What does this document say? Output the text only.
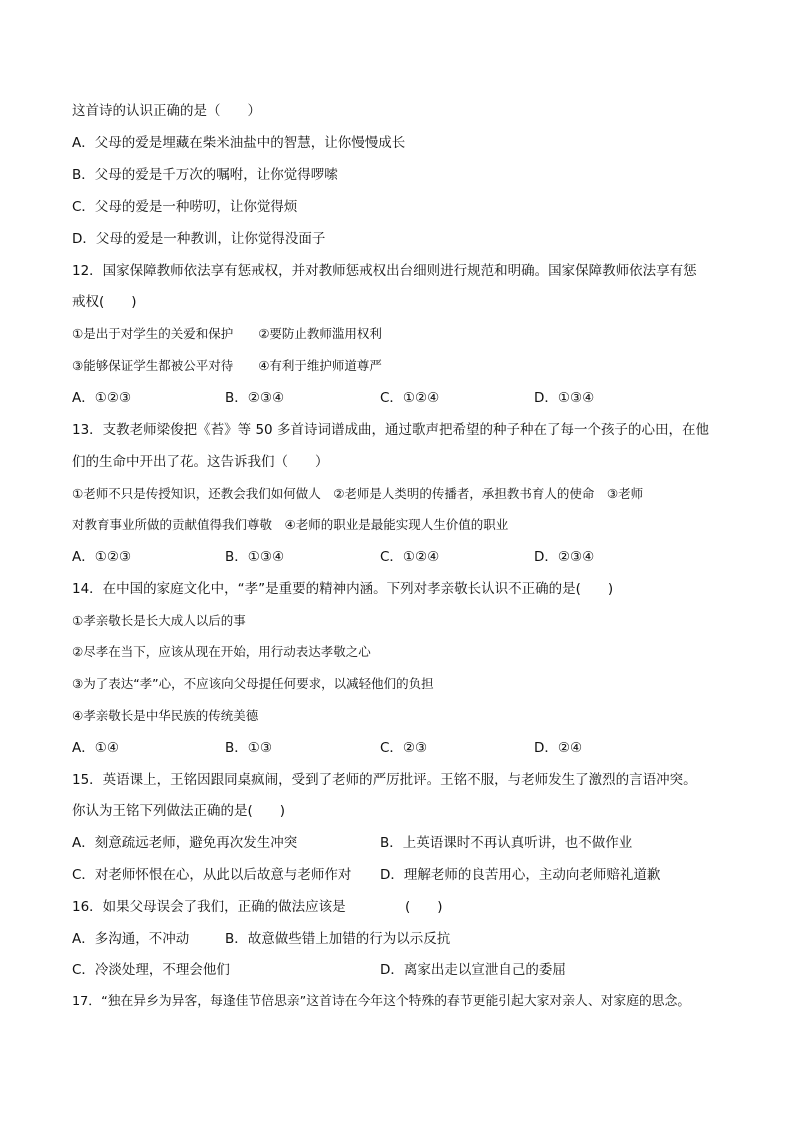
这首诗的认识正确的是（　　）
A．父母的爱是埋藏在柴米油盐中的智慧，让你慢慢成长
B．父母的爱是千万次的嘱咐，让你觉得啰嗦
C．父母的爱是一种唠叨，让你觉得烦
D．父母的爱是一种教训，让你觉得没面子
12．国家保障教师依法享有惩戒权，并对教师惩戒权出台细则进行规范和明确。国家保障教师依法享有惩
戒权(　　)
①是出于对学生的关爱和保护　　②要防止教师滥用权利
③能够保证学生都被公平对待　　④有利于维护师道尊严
A．①②③	B．②③④	C．①②④	D．①③④
13．支教老师梁俊把《苔》等 50 多首诗词谱成曲，通过歌声把希望的种子种在了每一个孩子的心田，在他
们的生命中开出了花。这告诉我们（　　）
①老师不只是传授知识，还教会我们如何做人　②老师是人类明的传播者，承担教书育人的使命　③老师
对教育事业所做的贡献值得我们尊敬　④老师的职业是最能实现人生价值的职业
A．①②③	B．①③④	C．①②④	D．②③④
14．在中国的家庭文化中，“孝”是重要的精神内涵。下列对孝亲敬长认识不正确的是(　　)
①孝亲敬长是长大成人以后的事
②尽孝在当下，应该从现在开始，用行动表达孝敬之心
③为了表达“孝”心，不应该向父母提任何要求，以减轻他们的负担
④孝亲敬长是中华民族的传统美德
A．①④	B．①③	C．②③	D．②④
15．英语课上，王铭因跟同桌疯闹，受到了老师的严厉批评。王铭不服，与老师发生了激烈的言语冲突。
你认为王铭下列做法正确的是(　　)
A．刻意疏远老师，避免再次发生冲突	B．上英语课时不再认真听讲，也不做作业
C．对老师怀恨在心，从此以后故意与老师作对 D．理解老师的良苦用心，主动向老师赔礼道歉
16．如果父母误会了我们，正确的做法应该是	(　　)
A．多沟通，不冲动	B．故意做些错上加错的行为以示反抗
C．冷淡处理，不理会他们	D．离家出走以宣泄自己的委屈
17．“独在异乡为异客，每逢佳节倍思亲”这首诗在今年这个特殊的春节更能引起大家对亲人、对家庭的思念。
